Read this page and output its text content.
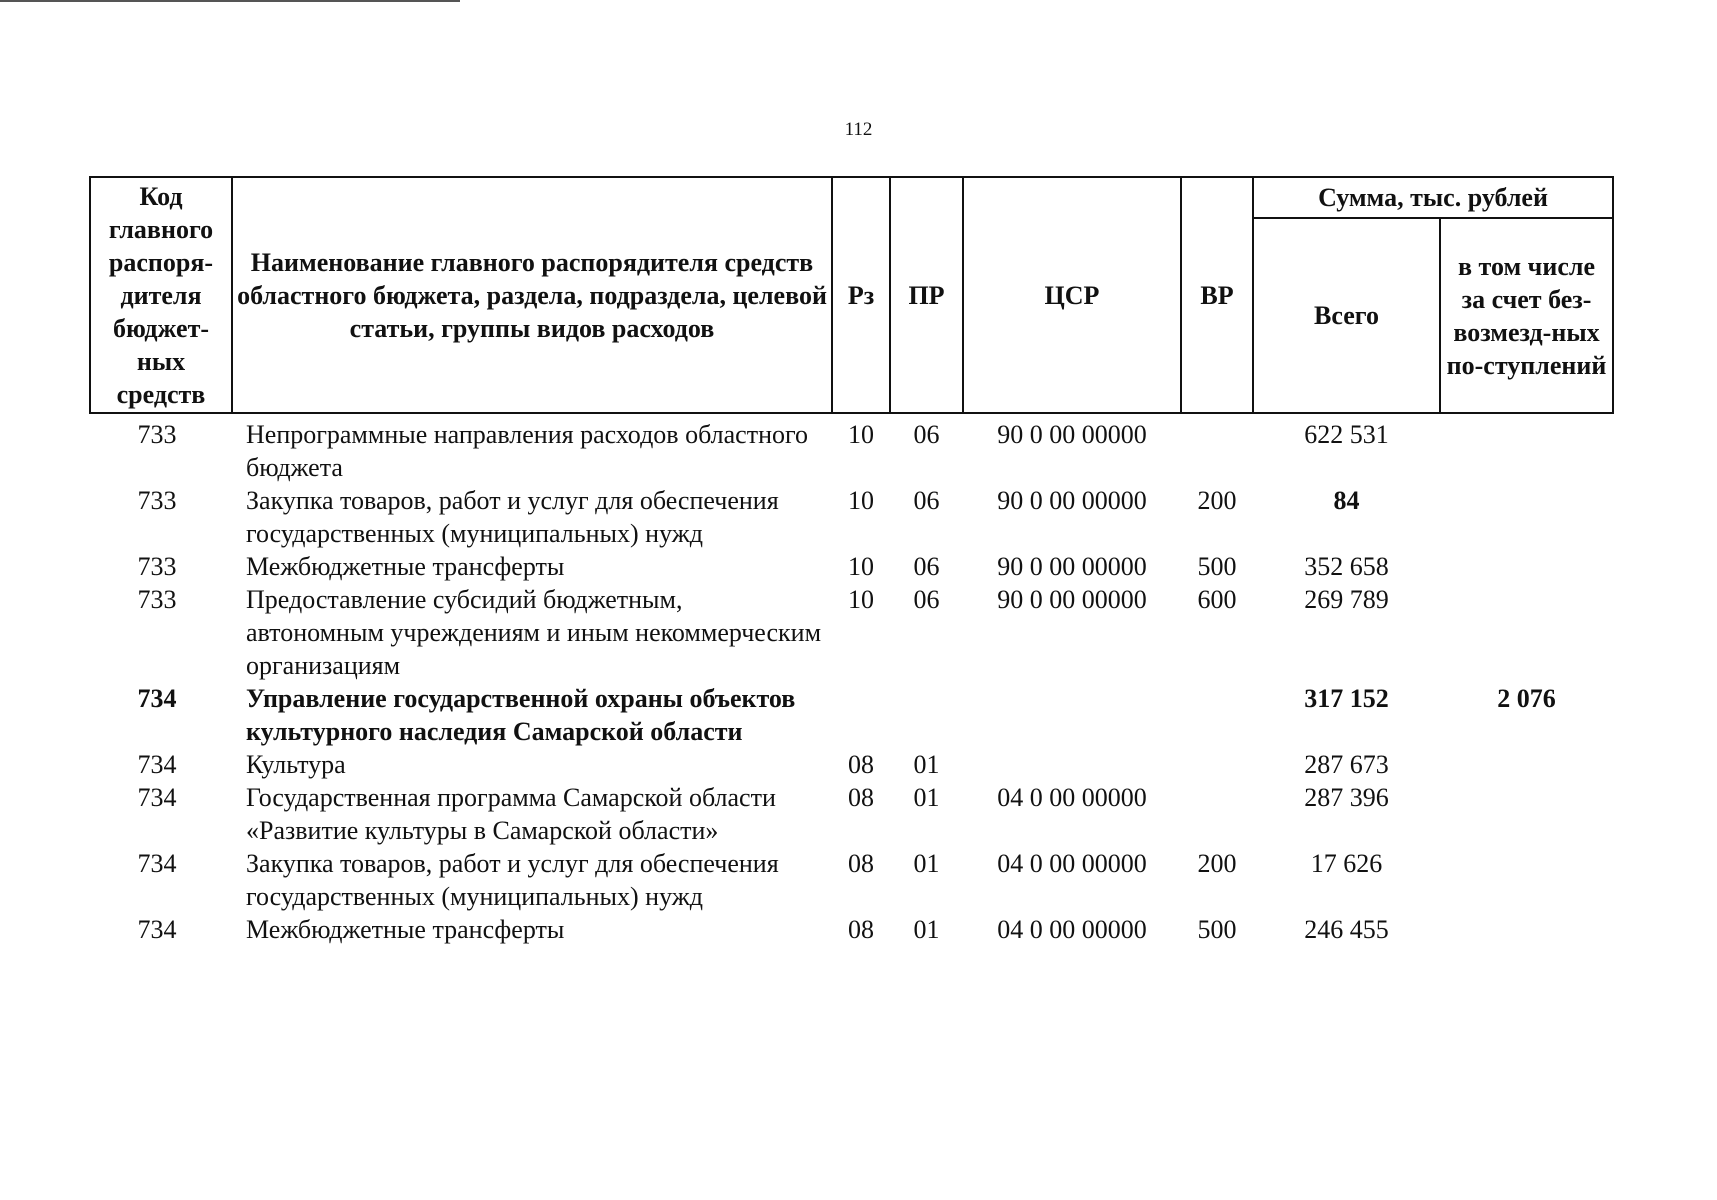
112
Код главного распоря-дителя бюджет-ных средств	Наименование главного распорядителя средств областного бюджета, раздела, подраздела, целевой статьи, группы видов расходов	Рз	ПР	ЦСР	ВР	Сумма, тыс. рублей	
						Всего	в том числе за счет без-возмезд-ных по-ступлений
733	Непрограммные направления расходов областного бюджета	10	06	90 0 00 00000		622 531	
733	Закупка товаров, работ и услуг для обеспечения государственных (муниципальных) нужд	10	06	90 0 00 00000	200	84	
733	Межбюджетные трансферты	10	06	90 0 00 00000	500	352 658	
733	Предоставление субсидий бюджетным, автономным учреждениям и иным некоммерческим организациям	10	06	90 0 00 00000	600	269 789	
734	Управление государственной охраны объектов культурного наследия Самарской области					317 152	2 076
734	Культура	08	01			287 673	
734	Государственная программа Самарской области «Развитие культуры в Самарской области»	08	01	04 0 00 00000		287 396	
734	Закупка товаров, работ и услуг для обеспечения государственных (муниципальных) нужд	08	01	04 0 00 00000	200	17 626	
734	Межбюджетные трансферты	08	01	04 0 00 00000	500	246 455	
